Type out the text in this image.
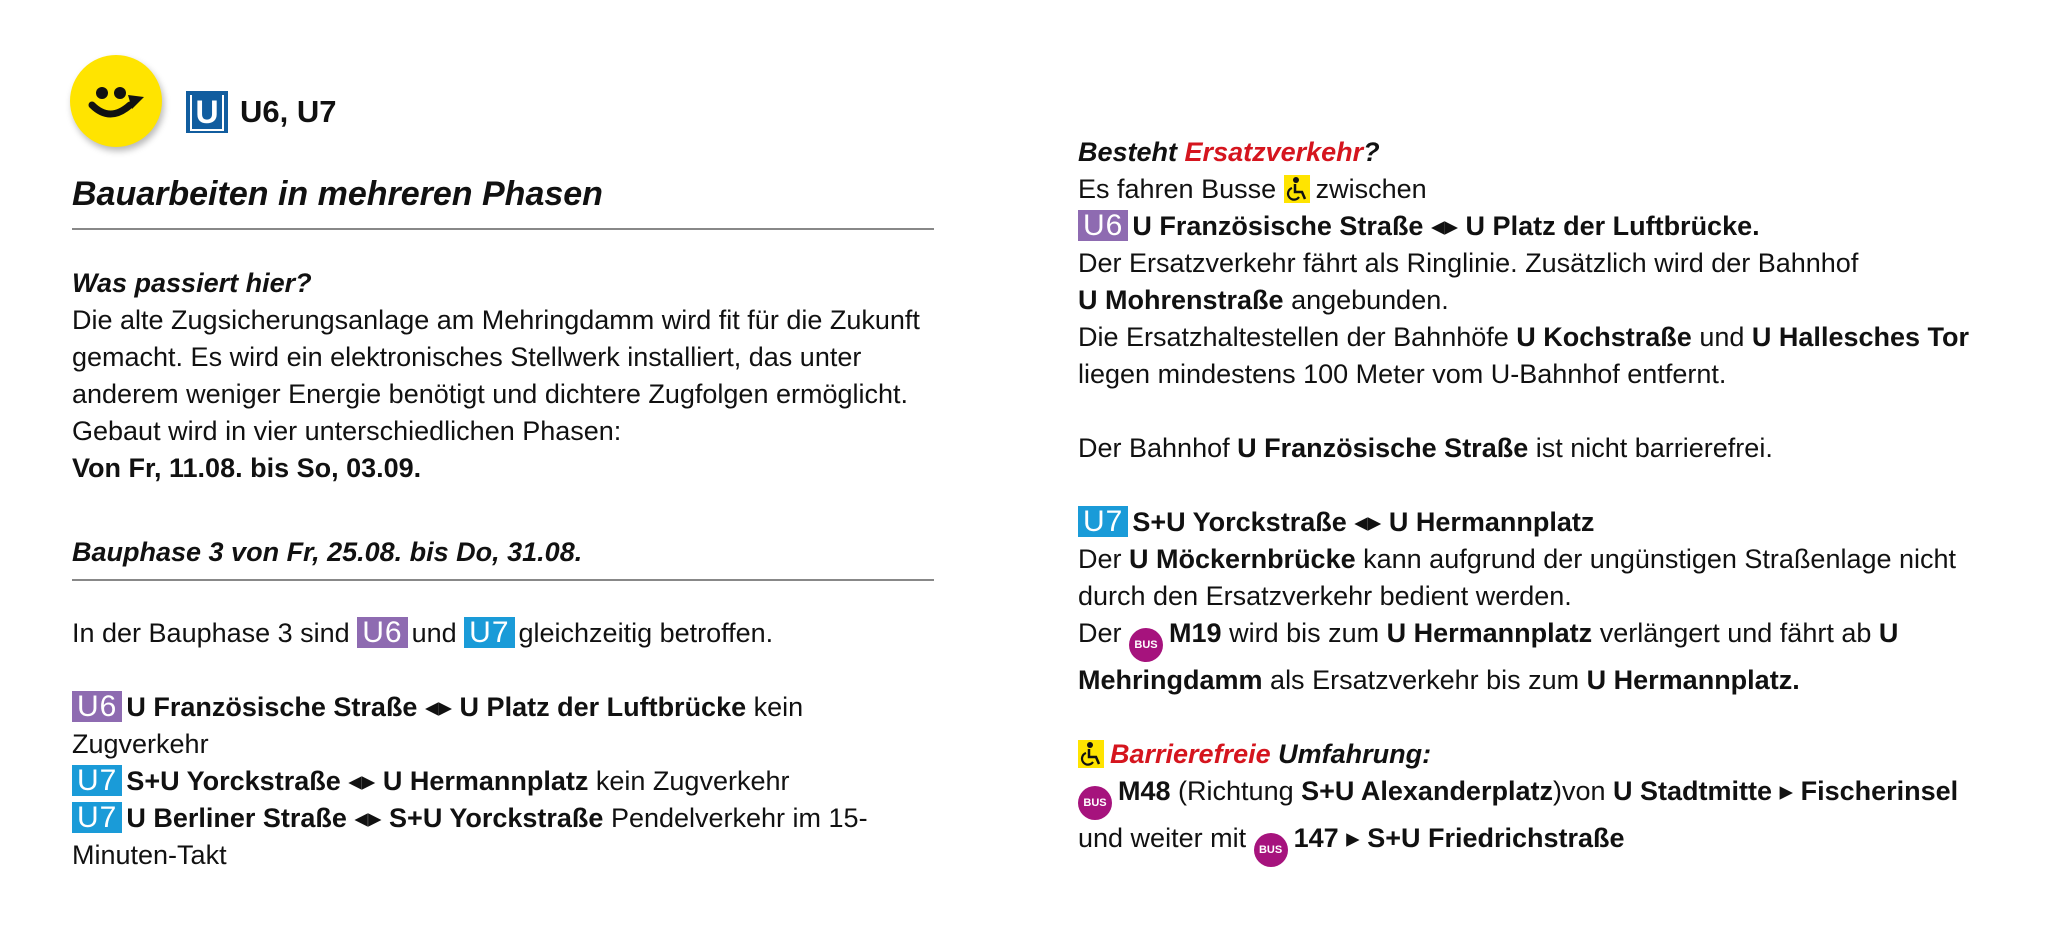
U U6, U7
Bauarbeiten in mehreren Phasen

Was passiert hier?

Die alte Zugsicherungsanlage am Mehringdamm wird fit für die Zukunft gemacht. Es wird ein elektronisches Stellwerk installiert, das unter anderem weniger Energie benötigt und dichtere Zugfolgen ermöglicht. Gebaut wird in vier unterschiedlichen Phasen:

Von Fr, 11.08. bis So, 03.09.

Bauphase 3 von Fr, 25.08. bis Do, 31.08.

In der Bauphase 3 sind U6 und U7 gleichzeitig betroffen.

U6 U Französische Straße ◂▸ U Platz der Luftbrücke kein Zugverkehr

U7 S+U Yorckstraße ◂▸ U Hermannplatz kein Zugverkehr

U7 U Berliner Straße ◂▸ S+U Yorckstraße Pendelverkehr im 15-Minuten-Takt

Besteht Ersatzverkehr?

Es fahren Busse zwischen

U6 U Französische Straße ◂▸ U Platz der Luftbrücke.

Der Ersatzverkehr fährt als Ringlinie. Zusätzlich wird der Bahnhof
U Mohrenstraße angebunden.

Die Ersatzhaltestellen der Bahnhöfe U Kochstraße und U Hallesches Tor liegen mindestens 100 Meter vom U-Bahnhof entfernt.

Der Bahnhof U Französische Straße ist nicht barrierefrei.

U7 S+U Yorckstraße ◂▸ U Hermannplatz

Der U Möckernbrücke kann aufgrund der ungünstigen Straßenlage nicht durch den Ersatzverkehr bedient werden.

Der BUS M19 wird bis zum U Hermannplatz verlängert und fährt ab U Mehringdamm als Ersatzverkehr bis zum U Hermannplatz.

Barrierefreie Umfahrung:

BUS M48 (Richtung S+U Alexanderplatz)von U Stadtmitte ▸ Fischerinsel und weiter mit BUS 147 ▸ S+U Friedrichstraße
